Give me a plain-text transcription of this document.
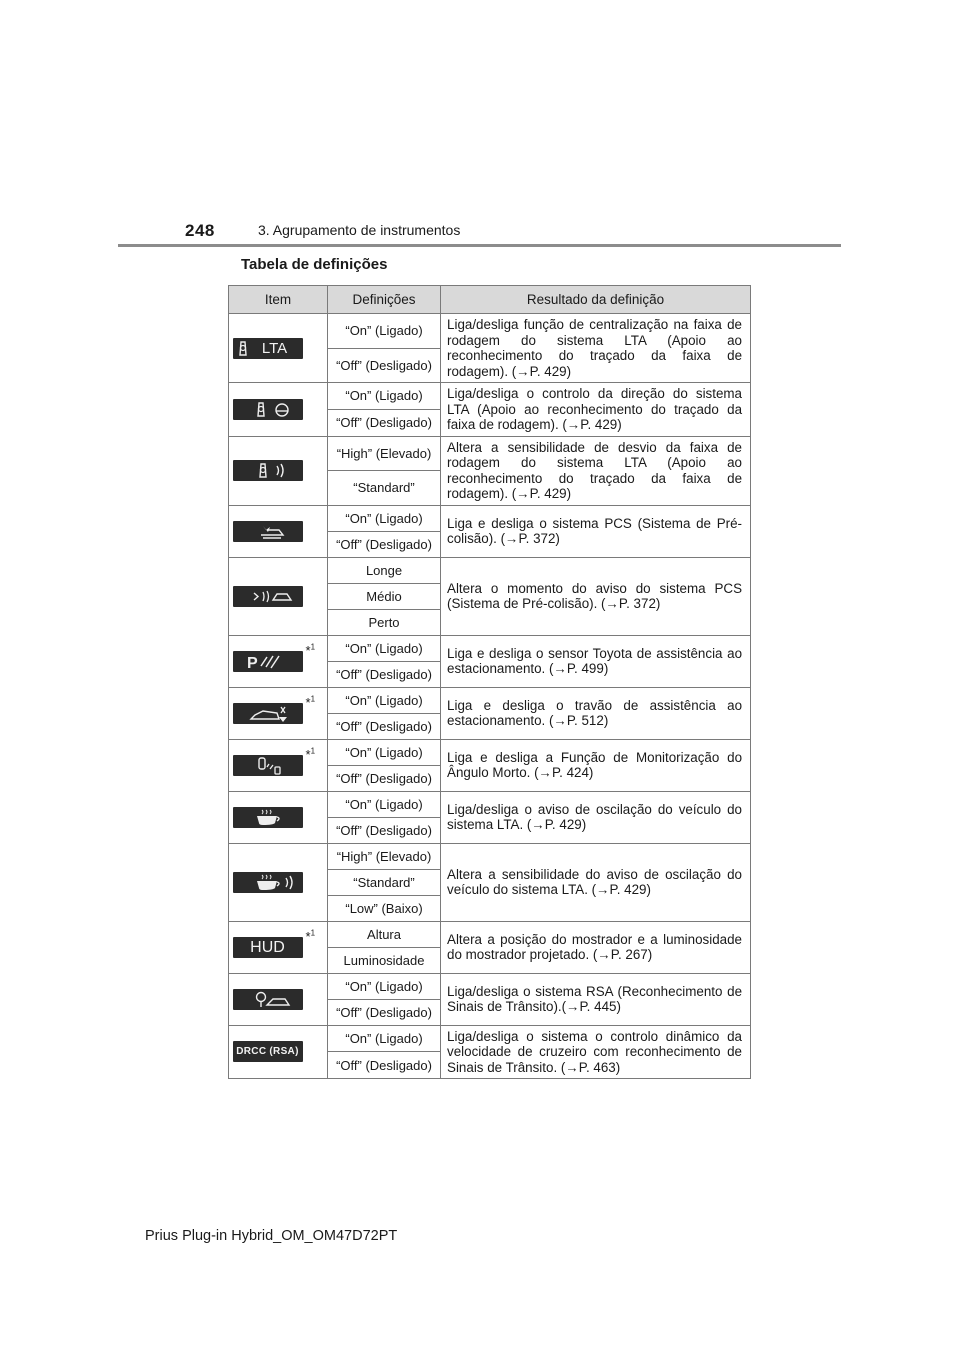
248	3. Agrupamento de instrumentos
Tabela de definições
Item		Definições	Resultado da definição

LTA		“On” (Ligado)	Liga/desliga função de centralização na faixa de rodagem do sistema LTA (Apoio ao reconhecimento do traçado da faixa de rodagem). (→P. 429)
		“Off” (Desligado)	

		“On” (Ligado)	Liga/desliga o controlo da direção do sistema LTA (Apoio ao reconhecimento do traçado da faixa de rodagem). (→P. 429)
		“Off” (Desligado)	

		“High” (Elevado)	Altera a sensibilidade de desvio da faixa de rodagem do sistema LTA (Apoio ao reconhecimento do traçado da faixa de rodagem). (→P. 429)
		“Standard”	

		“On” (Ligado)	Liga e desliga o sistema PCS (Sistema de Pré-colisão). (→P. 372)
		“Off” (Desligado)	

		Longe	Altera o momento do aviso do sistema PCS (Sistema de Pré-colisão). (→P. 372)
		Médio	
		Perto	

P	*$^1$	“On” (Ligado)	Liga e desliga o sensor Toyota de assistência ao estacionamento. (→P. 499)
		“Off” (Desligado)	

	*$^1$	“On” (Ligado)	Liga e desliga o travão de assistência ao estacionamento. (→P. 512)
		“Off” (Desligado)	

	*$^1$	“On” (Ligado)	Liga e desliga a Função de Monitorização do Ângulo Morto. (→P. 424)
		“Off” (Desligado)	

		“On” (Ligado)	Liga/desliga o aviso de oscilação do veículo do sistema LTA. (→P. 429)
		“Off” (Desligado)	

		“High” (Elevado)	Altera a sensibilidade do aviso de oscilação do veículo do sistema LTA. (→P. 429)
		“Standard”	
		“Low” (Baixo)	

HUD	*$^1$	Altura	Altera a posição do mostrador e a luminosidade do mostrador projetado. (→P. 267)
		Luminosidade	

		“On” (Ligado)	Liga/desliga o sistema RSA (Reconhecimento de Sinais de Trânsito).(→P. 445)
		“Off” (Desligado)	

DRCC (RSA)		“On” (Ligado)	Liga/desliga o sistema o controlo dinâmico da velocidade de cruzeiro com reconhecimento de Sinais de Trânsito. (→P. 463)
		“Off” (Desligado)	
Prius Plug-in Hybrid_OM_OM47D72PT
